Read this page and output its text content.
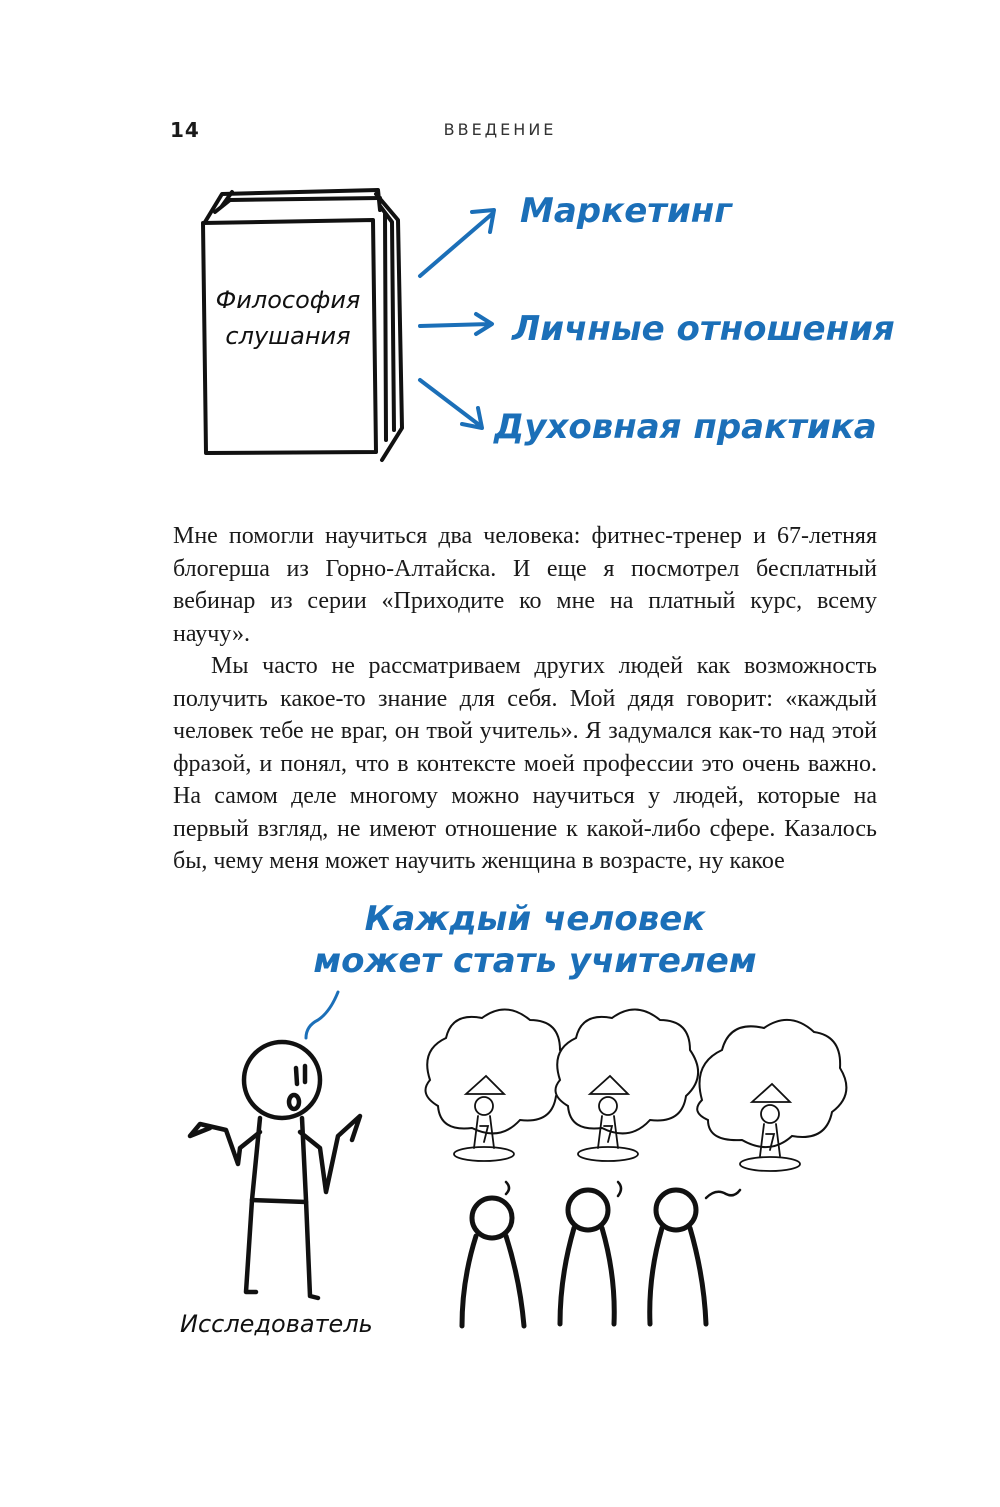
14	ВВЕДЕНИЕ
Философия
слушания
Маркетинг
Личные отношения
Духовная практика

Мне помогли научиться два человека: фитнес-тренер и 67-летняя блогерша из Горно-Алтайска. И еще я посмотрел бесплатный вебинар из серии «Приходите ко мне на платный курс, всему научу».

Мы часто не рассматриваем других людей как возможность получить какое-то знание для себя. Мой дядя говорит: «каждый человек тебе не враг, он твой учитель». Я задумался как-то над этой фразой, и понял, что в контексте моей профессии это очень важно. На самом деле многому можно научиться у людей, которые на первый взгляд, не имеют отношение к какой-либо сфере. Казалось бы, чему меня может научить женщина в возрасте, ну какое

Каждый человек
может стать учителем
Исследователь
